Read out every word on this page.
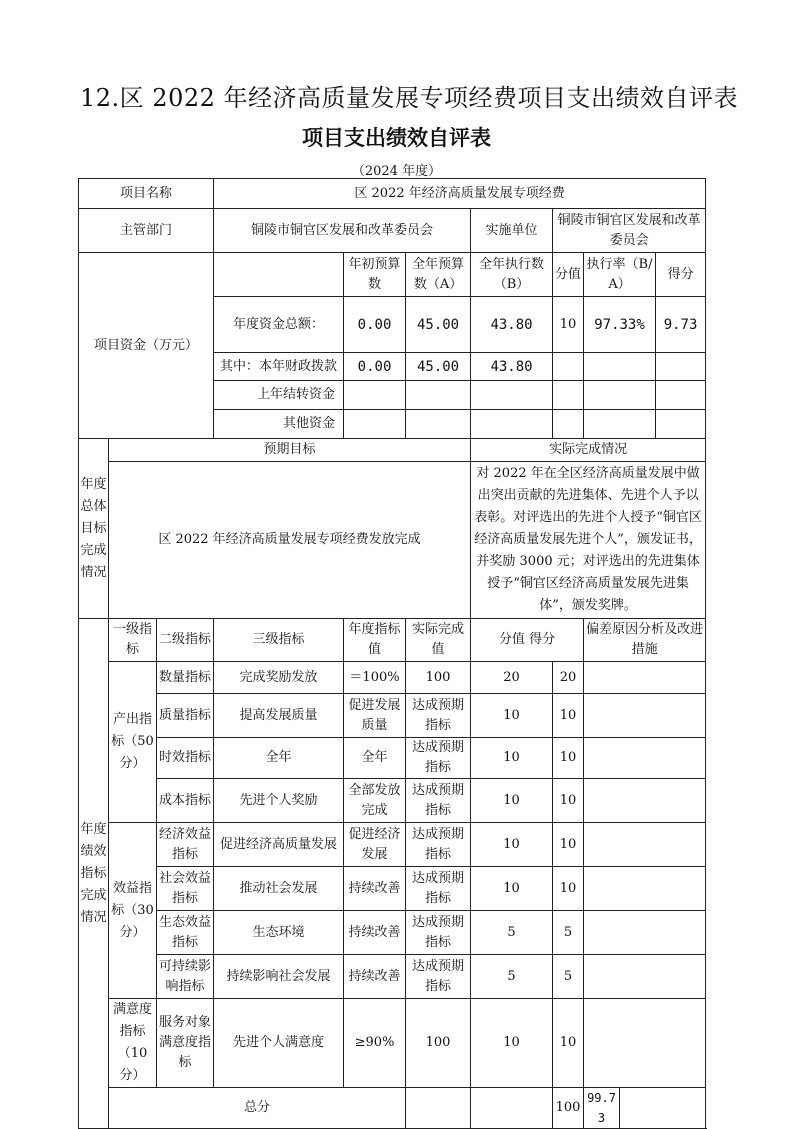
12.区 2022 年经济高质量发展专项经费项目支出绩效自评表
项目支出绩效自评表
（2024 年度）
项目名称			区 2022 年经济高质量发展专项经费							
主管部门			铜陵市铜官区发展和改革委员会			实施单位	铜陵市铜官区发展和改革委员会			
项目资金（万元）				年初预算数	全年预算数（A）	全年执行数（B）	分值	执行率（B/A）		得分
			年度资金总额：	0.00	45.00	43.80	10	97.33%		9.73
			其中：本年财政拨款	0.00	45.00	43.80				
			上年结转资金							
			其他资金							
年度总体目标完成情况	预期目标					实际完成情况				
	区 2022 年经济高质量发展专项经费发放完成					对 2022 年在全区经济高质量发展中做出突出贡献的先进集体、先进个人予以表彰。对评选出的先进个人授予“铜官区经济高质量发展先进个人”，颁发证书，并奖励 3000 元；对评选出的先进集体授予“铜官区经济高质量发展先进集体”，颁发奖牌。				
年度绩效指标完成情况	一级指标	二级指标	三级指标	年度指标值	实际完成值	分值 得分		偏差原因分析及改进措施		
	产出指标（50分）	数量指标	完成奖励发放	＝100%	100	20	20			
		质量指标	提高发展质量	促进发展质量	达成预期指标	10	10			
		时效指标	全年	全年	达成预期指标	10	10			
		成本指标	先进个人奖励	全部发放完成	达成预期指标	10	10			
	效益指标（30分）	经济效益指标	促进经济高质量发展	促进经济发展	达成预期指标	10	10			
		社会效益指标	推动社会发展	持续改善	达成预期指标	10	10			
		生态效益指标	生态环境	持续改善	达成预期指标	5	5			
		可持续影响指标	持续影响社会发展	持续改善	达成预期指标	5	5			
	满意度指标（10分）	服务对象满意度指标	先进个人满意度	≥90%	100	10	10			
	总分						100	99.73		
